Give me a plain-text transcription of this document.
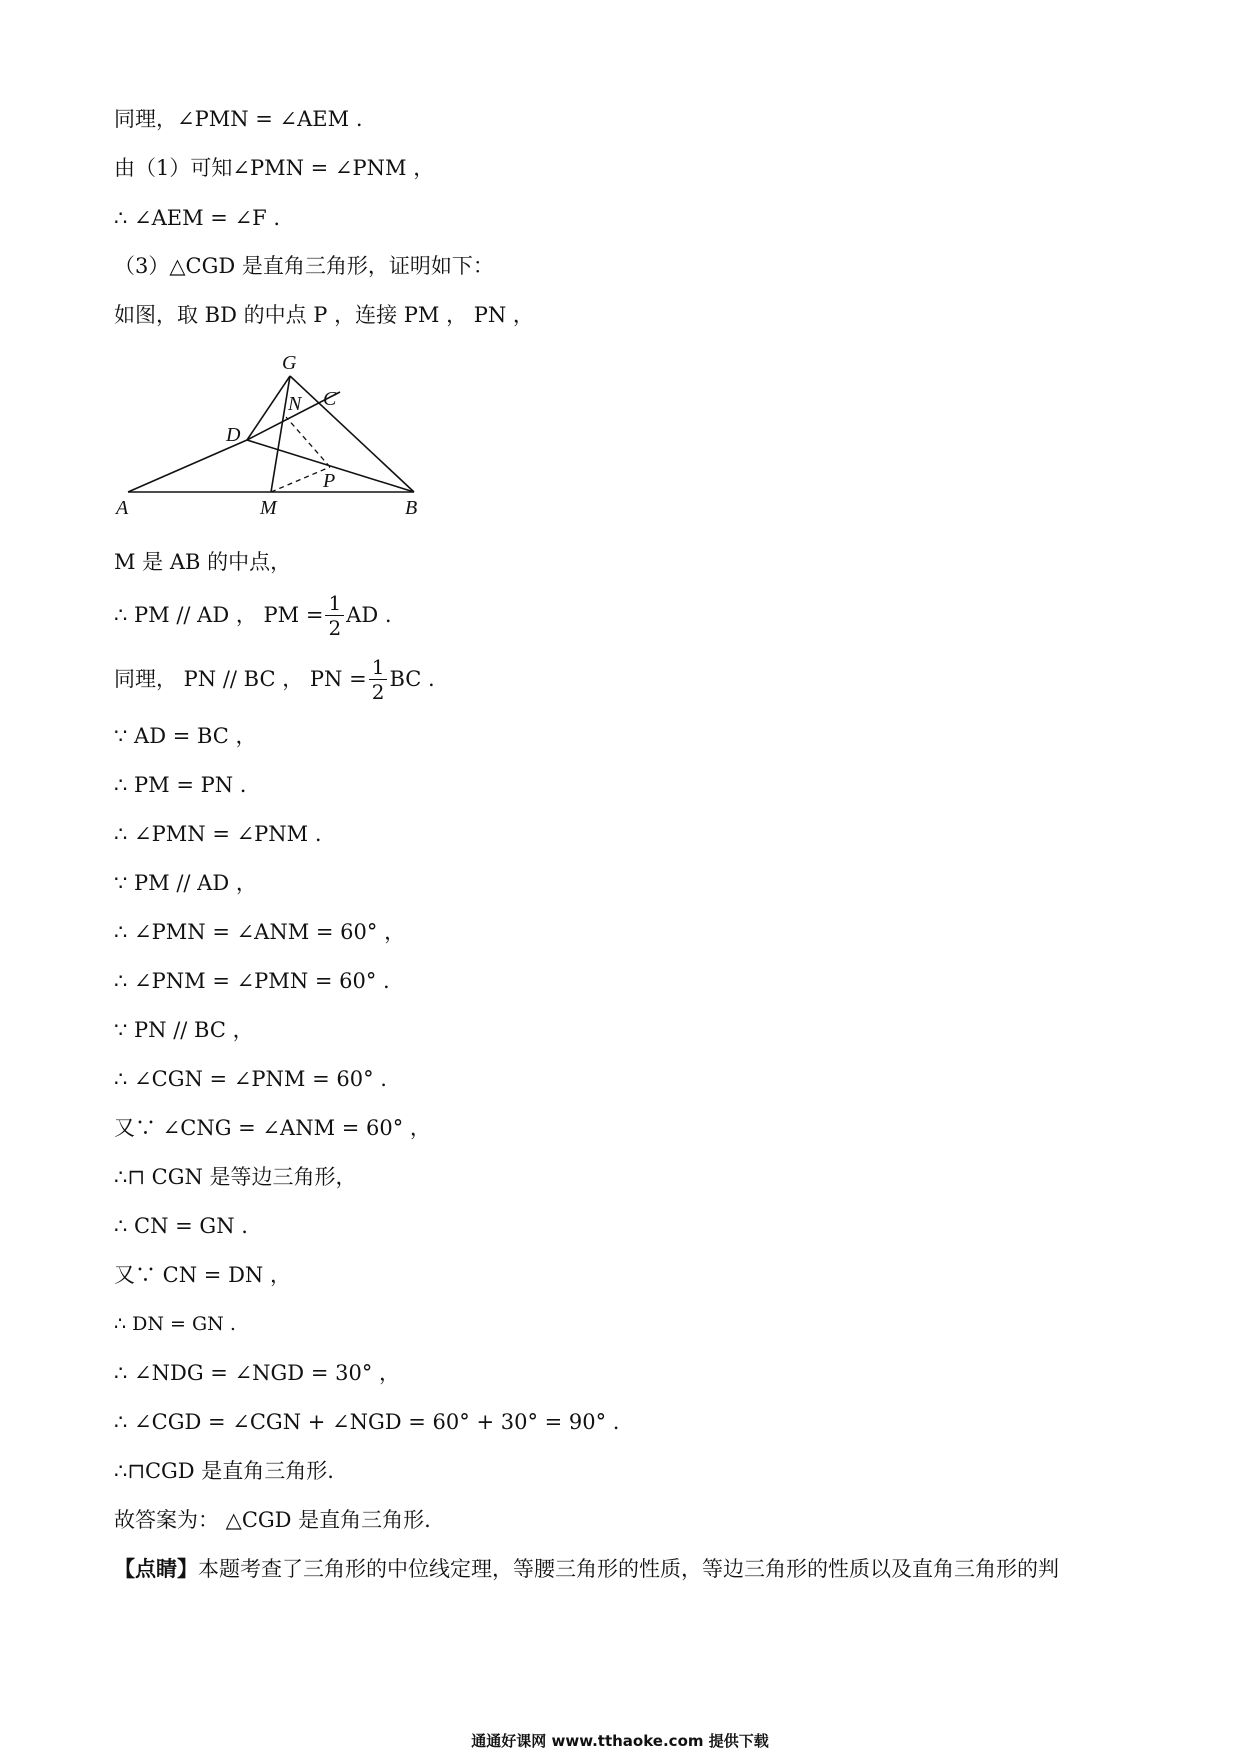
同理，∠PMN = ∠AEM .
由（1）可知∠PMN = ∠PNM ，
∴ ∠AEM = ∠F .
（3）△CGD 是直角三角形，证明如下：
如图，取 BD 的中点 P ，连接 PM ， PN ，
G
N C
D
P
A	M	B
M 是 AB 的中点，
∴ PM // AD ， PM = $\frac{1}{2}$ AD .
同理， PN // BC ， PN = $\frac{1}{2}$ BC .
∵ AD = BC ，
∴ PM = PN .
∴ ∠PMN = ∠PNM .
∵ PM // AD ，
∴ ∠PMN = ∠ANM = 60° ，
∴ ∠PNM = ∠PMN = 60° .
∵ PN // BC ，
∴ ∠CGN = ∠PNM = 60° .
又∵ ∠CNG = ∠ANM = 60° ，
∴⊓ CGN 是等边三角形，
∴ CN = GN .
又∵ CN = DN ，
∴ DN = GN .
∴ ∠NDG = ∠NGD = 30° ，
∴ ∠CGD = ∠CGN + ∠NGD = 60° + 30° = 90° .
∴⊓CGD 是直角三角形.
故答案为： △CGD 是直角三角形.
【点睛】本题考查了三角形的中位线定理，等腰三角形的性质，等边三角形的性质以及直角三角形的判
通通好课网 www.tthaoke.com 提供下载
